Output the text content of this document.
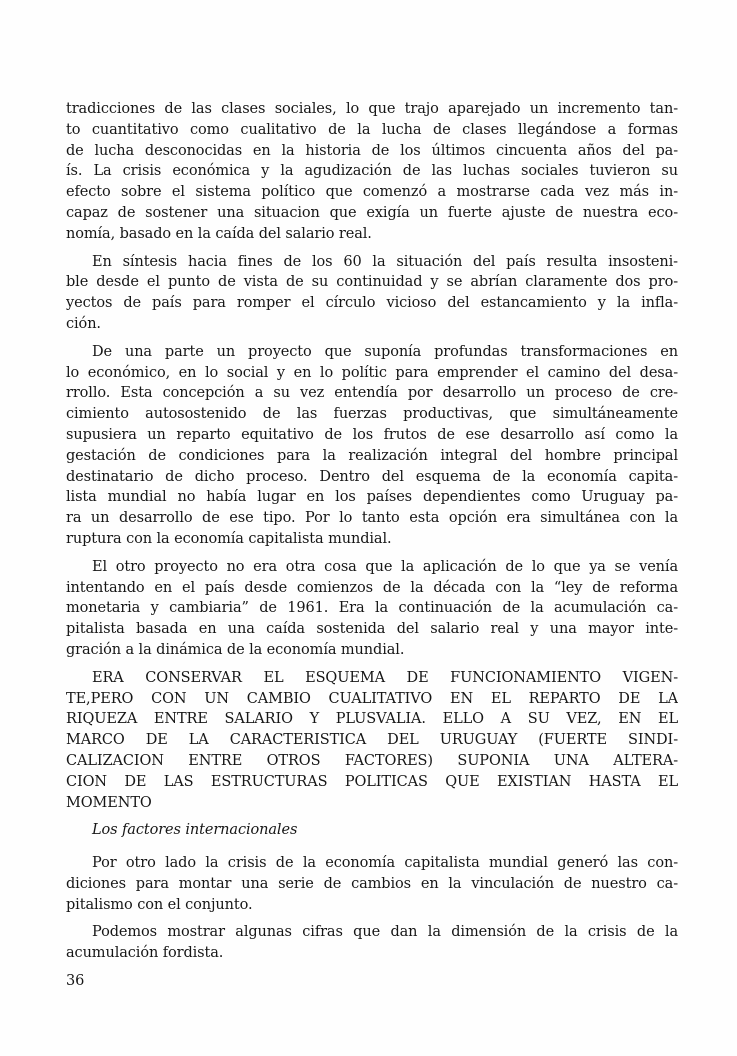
tradicciones de las clases sociales, lo que trajo aparejado un incremento tan-
to cuantitativo como cualitativo de la lucha de clases llegándose a formas
de lucha desconocidas en la historia de los últimos cincuenta años del pa-
ís. La crisis económica y la agudización de las luchas sociales tuvieron su
efecto sobre el sistema político que comenzó a mostrarse cada vez más in-
capaz de sostener una situacion que exigía un fuerte ajuste de nuestra eco-
nomía, basado en la caída del salario real.

En síntesis hacia fines de los 60 la situación del país resulta insosteni-
ble desde el punto de vista de su continuidad y se abrían claramente dos pro-
yectos de país para romper el círculo vicioso del estancamiento y la infla-
ción.

De una parte un proyecto que suponía profundas transformaciones en
lo económico, en lo social y en lo polític para emprender el camino del desa-
rrollo. Esta concepción a su vez entendía por desarrollo un proceso de cre-
cimiento autosostenido de las fuerzas productivas, que simultáneamente
supusiera un reparto equitativo de los frutos de ese desarrollo así como la
gestación de condiciones para la realización integral del hombre principal
destinatario de dicho proceso. Dentro del esquema de la economía capita-
lista mundial no había lugar en los países dependientes como Uruguay pa-
ra un desarrollo de ese tipo. Por lo tanto esta opción era simultánea con la
ruptura con la economía capitalista mundial.

El otro proyecto no era otra cosa que la aplicación de lo que ya se venía
intentando en el país desde comienzos de la década con la “ley de reforma
monetaria y cambiaria” de 1961. Era la continuación de la acumulación ca-
pitalista basada en una caída sostenida del salario real y una mayor inte-
gración a la dinámica de la economía mundial.

ERA CONSERVAR EL ESQUEMA DE FUNCIONAMIENTO VIGEN-
TE,PERO CON UN CAMBIO CUALITATIVO EN EL REPARTO DE LA
RIQUEZA ENTRE SALARIO Y PLUSVALIA. ELLO A SU VEZ, EN EL
MARCO DE LA CARACTERISTICA DEL URUGUAY (FUERTE SINDI-
CALIZACION ENTRE OTROS FACTORES) SUPONIA UNA ALTERA-
CION DE LAS ESTRUCTURAS POLITICAS QUE EXISTIAN HASTA EL
MOMENTO

Los factores internacionales

Por otro lado la crisis de la economía capitalista mundial generó las con-
diciones para montar una serie de cambios en la vinculación de nuestro ca-
pitalismo con el conjunto.

Podemos mostrar algunas cifras que dan la dimensión de la crisis de la
acumulación fordista.

36
